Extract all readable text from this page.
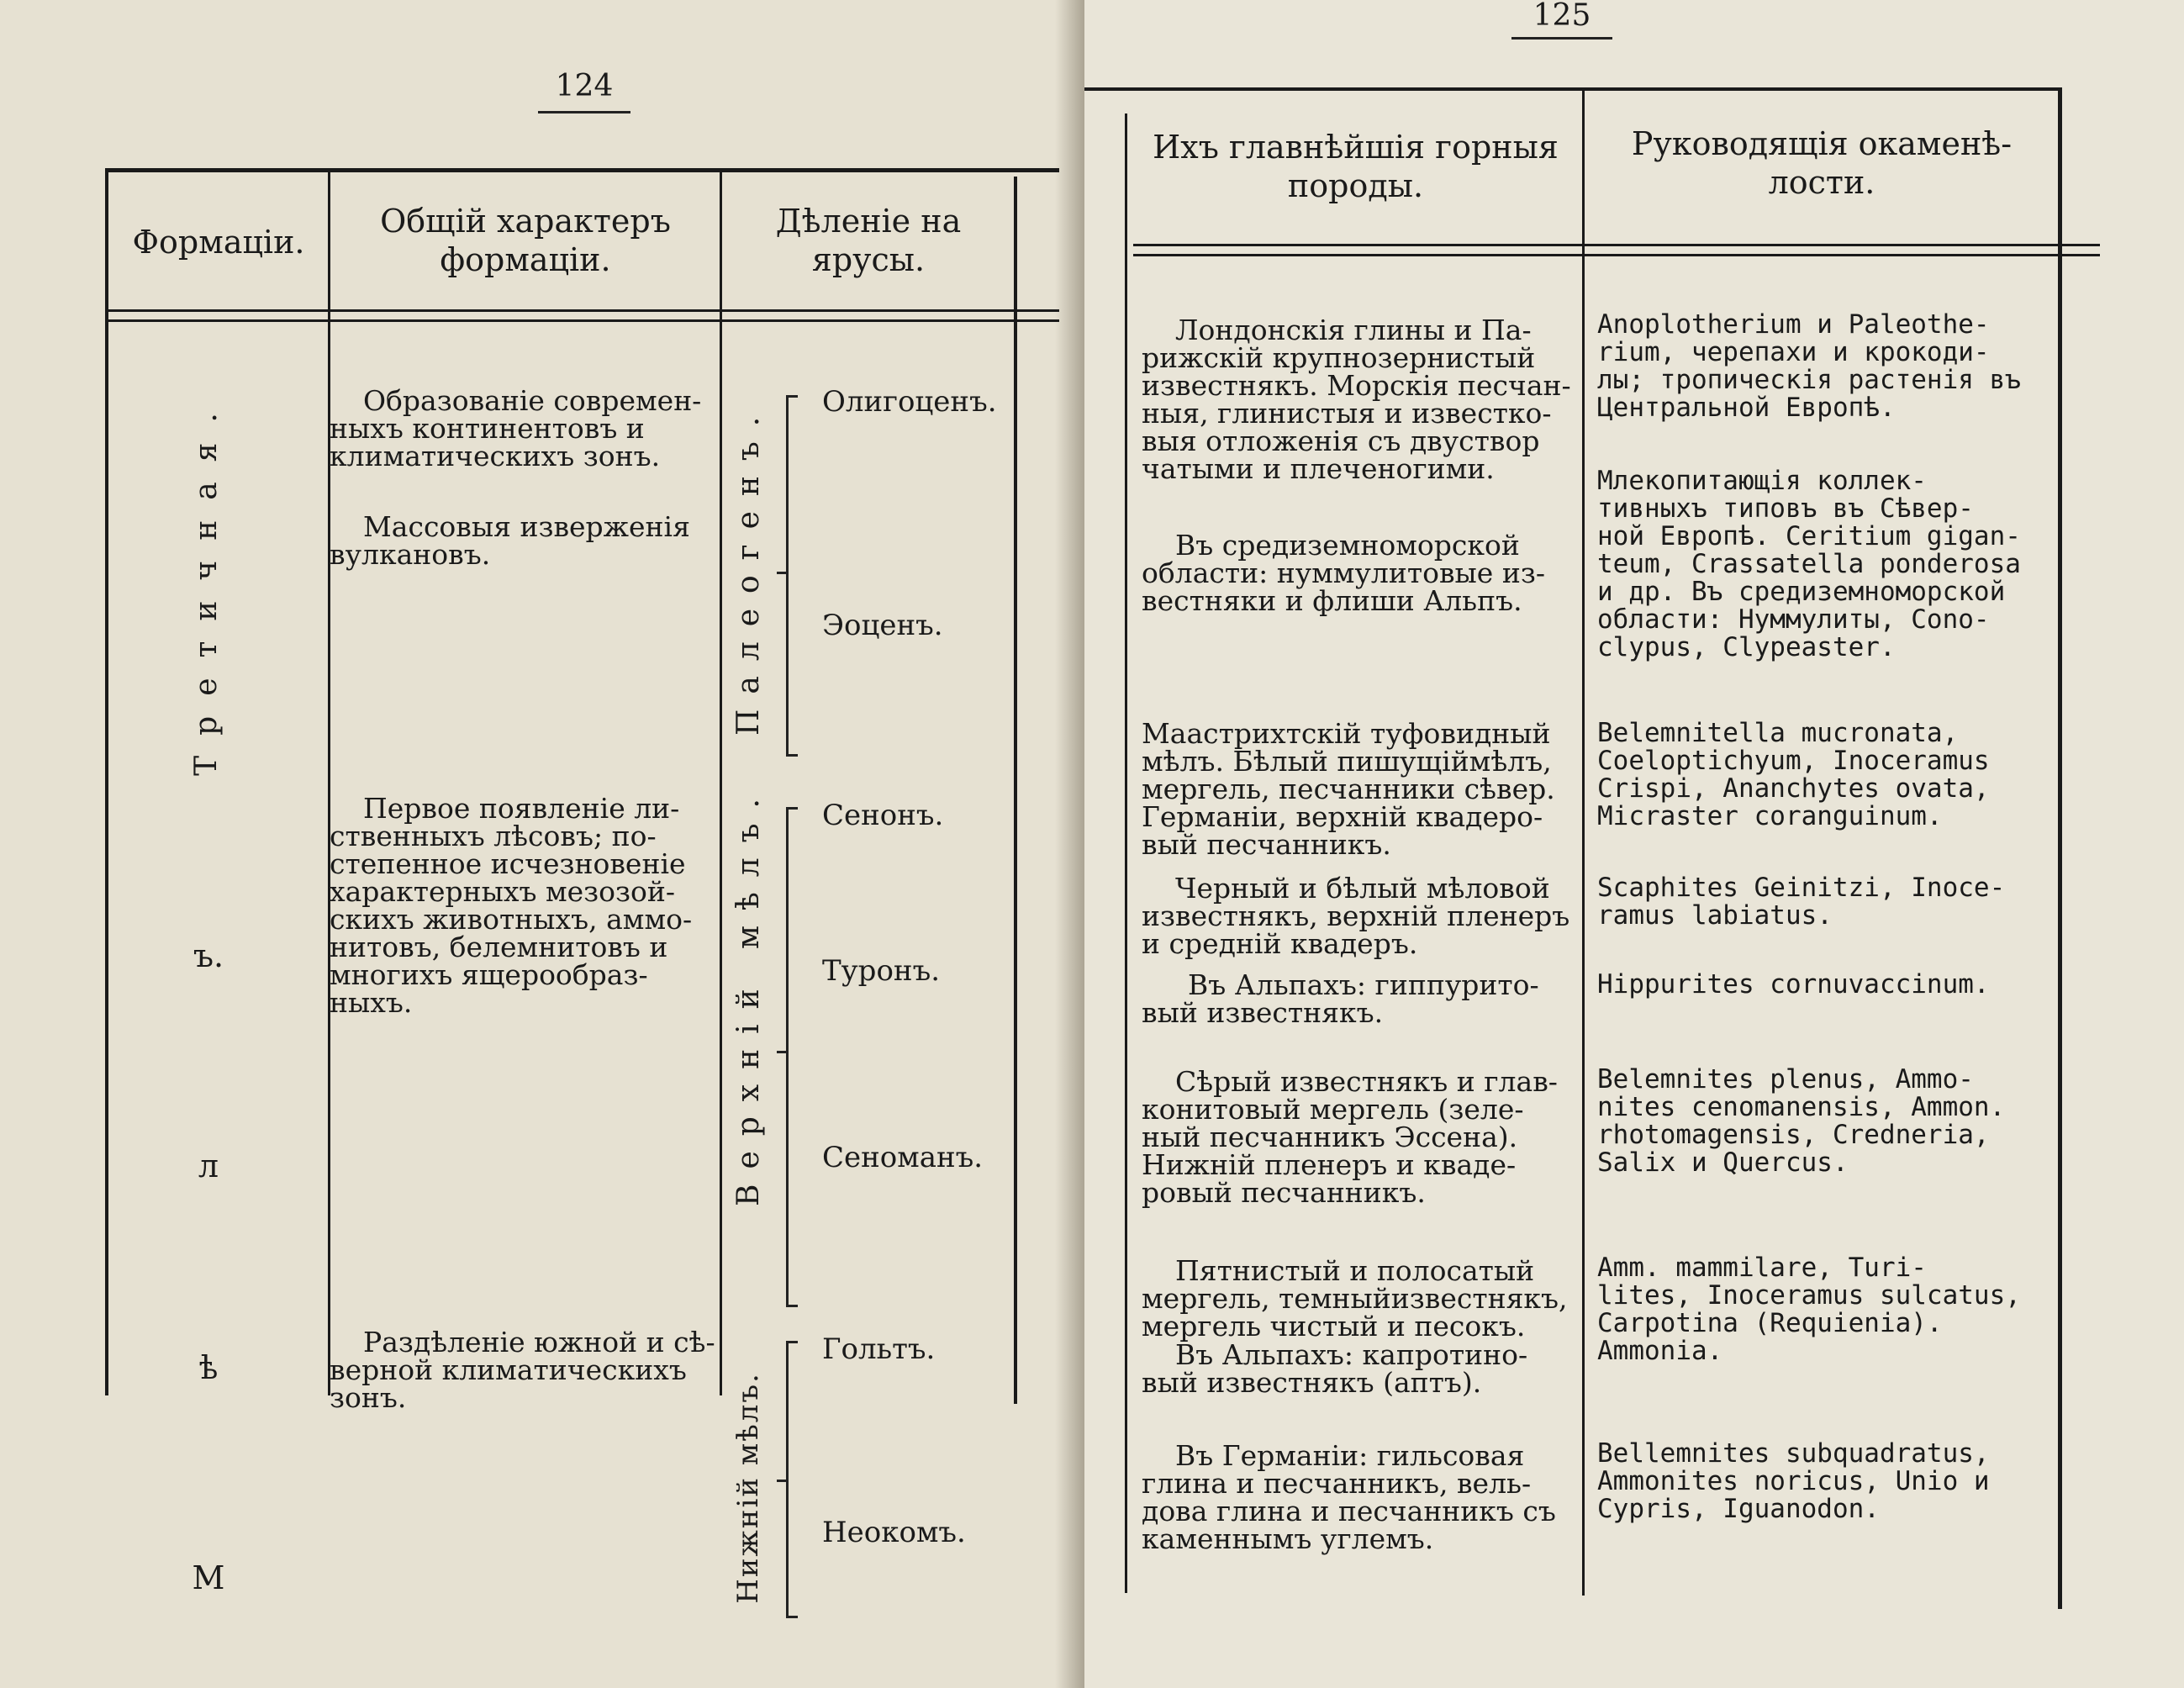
124
Формаціи.
Общій характеръ
формаціи.
Дѣленіе на
ярусы.
Третичная.
ъ.
л
ѣ
М
Образованіе современ-
ныхъ континентовъ и
климатическихъ зонъ.
Массовыя изверженія
вулкановъ.
Первое появленіе ли-
ственныхъ лѣсовъ; по-
степенное исчезновеніе
характерныхъ мезозой-
скихъ животныхъ, аммо-
нитовъ, белемнитовъ и
многихъ ящерообраз-
ныхъ.
Раздѣленіе южной и сѣ-
верной климатическихъ
зонъ.
Палеогенъ.
Верхній мѣлъ.
Нижній мѣлъ.
Олигоценъ.
Эоценъ.
Сенонъ.
Туронъ.
Сеноманъ.
Гольтъ.
Неокомъ.
125
Ихъ главнѣйшія горныя
породы.
Руководящія окаменѣ-
лости.
Лондонскія глины и Па-
рижскій крупнозернистый
известнякъ. Морскія песчан-
ныя, глинистыя и известко-
выя отложенія съ двуствор
чатыми и плеченогими.
Въ средиземноморской
области: нуммулитовые из-
вестняки и флиши Альпъ.
Маастрихтскій туфовидный
мѣлъ. Бѣлый пишущіймѣлъ,
мергель, песчанники сѣвер.
Германіи, верхній квадеро-
вый песчанникъ.
Черный и бѣлый мѣловой
известнякъ, верхній пленеръ
и средній квадеръ.
Въ Альпахъ: гиппурито-
вый известнякъ.
Сѣрый известнякъ и глав-
конитовый мергель (зеле-
ный песчанникъ Эссена).
Нижній пленеръ и квадe-
ровый песчанникъ.
Пятнистый и полосатый
мергель, темныйизвестнякъ,
мергель чистый и песокъ.
Въ Альпахъ: капротино-
вый известнякъ (аптъ).
Въ Германіи: гильсовая
глина и песчанникъ, вель-
дова глина и песчанникъ съ
каменнымъ углемъ.
Anoplotherium и Paleothe-
rium, черепахи и крокоди-
лы; тропическія растенія въ
Центральной Европѣ.
Млекопитающія коллек-
тивныхъ типовъ въ Сѣвер-
ной Европѣ. Ceritium gigan-
teum, Crassatella ponderosa
и др. Въ средиземноморской
области: Нуммулиты, Cono-
clypus, Clypeaster.
Belemnitella mucronata,
Coeloptichyum, Inoceramus
Crispi, Ananchytes ovata,
Micraster coranguinum.
Scaphites Geinitzi, Inoce-
ramus labiatus.
Hippurites cornuvaccinum.
Belemnites plenus, Ammo-
nites cenomanensis, Ammon.
rhotomagensis, Credneria,
Salix и Quercus.
Amm. mammilare, Turi-
lites, Inoceramus sulcatus,
Carpotina (Requienia).
Ammonia.
Bellemnites subquadratus,
Ammonites noricus, Unio и
Cypris, Iguanodon.
